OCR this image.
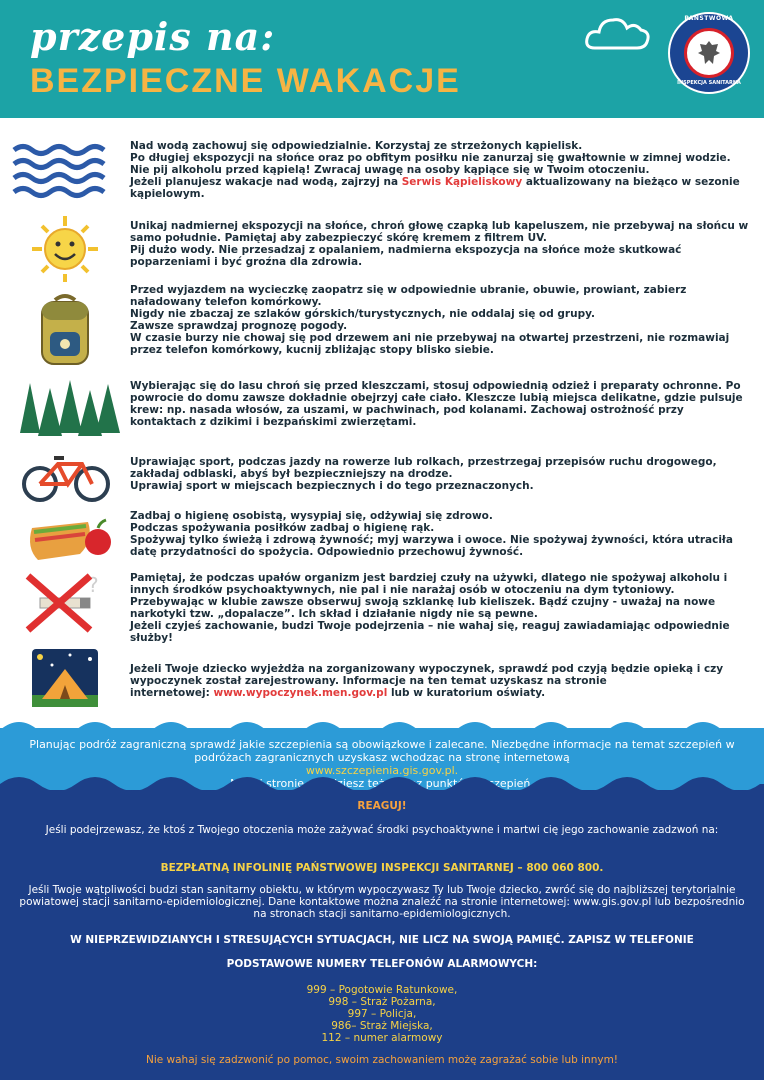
przepis na:
BEZPIECZNE WAKACJE
PAŃSTWOWA
INSPEKCJA SANITARNA

Nad wodą zachowuj się odpowiedzialnie. Korzystaj ze strzeżonych kąpielisk.

Po długiej ekspozycji na słońce oraz po obfitym posiłku nie zanurzaj się gwałtownie w zimnej wodzie. Nie pij alkoholu przed kąpielą! Zwracaj uwagę na osoby kąpiące się w Twoim otoczeniu.

Jeżeli planujesz wakacje nad wodą, zajrzyj na Serwis Kąpieliskowy aktualizowany na bieżąco w sezonie kąpielowym.

Unikaj nadmiernej ekspozycji na słońce, chroń głowę czapką lub kapeluszem, nie przebywaj na słońcu w samo południe. Pamiętaj aby zabezpieczyć skórę kremem z filtrem UV.

Pij dużo wody. Nie przesadzaj z opalaniem, nadmierna ekspozycja na słońce może skutkować poparzeniami i być groźna dla zdrowia.

Przed wyjazdem na wycieczkę zaopatrz się w odpowiednie ubranie, obuwie, prowiant, zabierz naładowany telefon komórkowy.

Nigdy nie zbaczaj ze szlaków górskich/turystycznych, nie oddalaj się od grupy.

Zawsze sprawdzaj prognozę pogody.

W czasie burzy nie chowaj się pod drzewem ani nie przebywaj na otwartej przestrzeni, nie rozmawiaj przez telefon komórkowy, kucnij zbliżając stopy blisko siebie.

Wybierając się do lasu chroń się przed kleszczami, stosuj odpowiednią odzież i preparaty ochronne. Po powrocie do domu zawsze dokładnie obejrzyj całe ciało. Kleszcze lubią miejsca delikatne, gdzie pulsuje krew: np. nasada włosów, za uszami, w pachwinach, pod kolanami. Zachowaj ostrożność przy kontaktach z dzikimi i bezpańskimi zwierzętami.

Uprawiając sport, podczas jazdy na rowerze lub rolkach, przestrzegaj przepisów ruchu drogowego, zakładaj odblaski, abyś był bezpieczniejszy na drodze.

Uprawiaj sport w miejscach bezpiecznych i do tego przeznaczonych.

Zadbaj o higienę osobistą, wysypiaj się, odżywiaj się zdrowo.

Podczas spożywania posiłków zadbaj o higienę rąk.

Spożywaj tylko świeżą i zdrową żywność; myj warzywa i owoce. Nie spożywaj żywności, która utraciła datę przydatności do spożycia. Odpowiednio przechowuj żywność.

?	Pamiętaj, że podczas upałów organizm jest bardziej czuły na używki, dlatego nie spożywaj alkoholu i innych środków psychoaktywnych, nie pal i nie narażaj osób w otoczeniu na dym tytoniowy.

Przebywając w klubie zawsze obserwuj swoją szklankę lub kieliszek. Bądź czujny - uważaj na nowe narkotyki tzw. „dopalacze”. Ich skład i działanie nigdy nie są pewne.

Jeżeli czyjeś zachowanie, budzi Twoje podejrzenia – nie wahaj się, reaguj zawiadamiając odpowiednie służby!

Jeżeli Twoje dziecko wyjeżdża na zorganizowany wypoczynek, sprawdź pod czyją będzie opieką i czy wypoczynek został zarejestrowany. Informacje na ten temat uzyskasz na stronie

internetowej: www.wypoczynek.men.gov.pl lub w kuratorium oświaty.

Planując podróż zagraniczną sprawdź jakie szczepienia są obowiązkowe i zalecane. Niezbędne informacje na temat szczepień w podróżach zagranicznych uzyskasz wchodząc na stronę internetową
www.szczepienia.gis.gov.pl.

REAGUJ!
Jeśli podejrzewasz, że ktoś z Twojego otoczenia może zażywać środki psychoaktywne i martwi cię jego zachowanie zadzwoń na:
BEZPŁATNĄ INFOLINIĘ PAŃSTWOWEJ INSPEKCJI SANITARNEJ – 800 060 800.
Jeśli Twoje wątpliwości budzi stan sanitarny obiektu, w którym wypoczywasz Ty lub Twoje dziecko, zwróć się do najbliższej terytorialnie powiatowej stacji sanitarno-epidemiologicznej. Dane kontaktowe można znaleźć na stronie internetowej: www.gis.gov.pl lub bezpośrednio na stronach stacji sanitarno-epidemiologicznych.
W NIEPRZEWIDZIANYCH I STRESUJĄCYCH SYTUACJACH, NIE LICZ NA SWOJĄ PAMIĘĆ. ZAPISZ W TELEFONIE
PODSTAWOWE NUMERY TELEFONÓW ALARMOWYCH:
999 – Pogotowie Ratunkowe,
998 – Straż Pożarna,
997 – Policja,
986– Straż Miejska,
112 – numer alarmowy
Nie wahaj się zadzwonić po pomoc, swoim zachowaniem możę zagrażać sobie lub innym!
